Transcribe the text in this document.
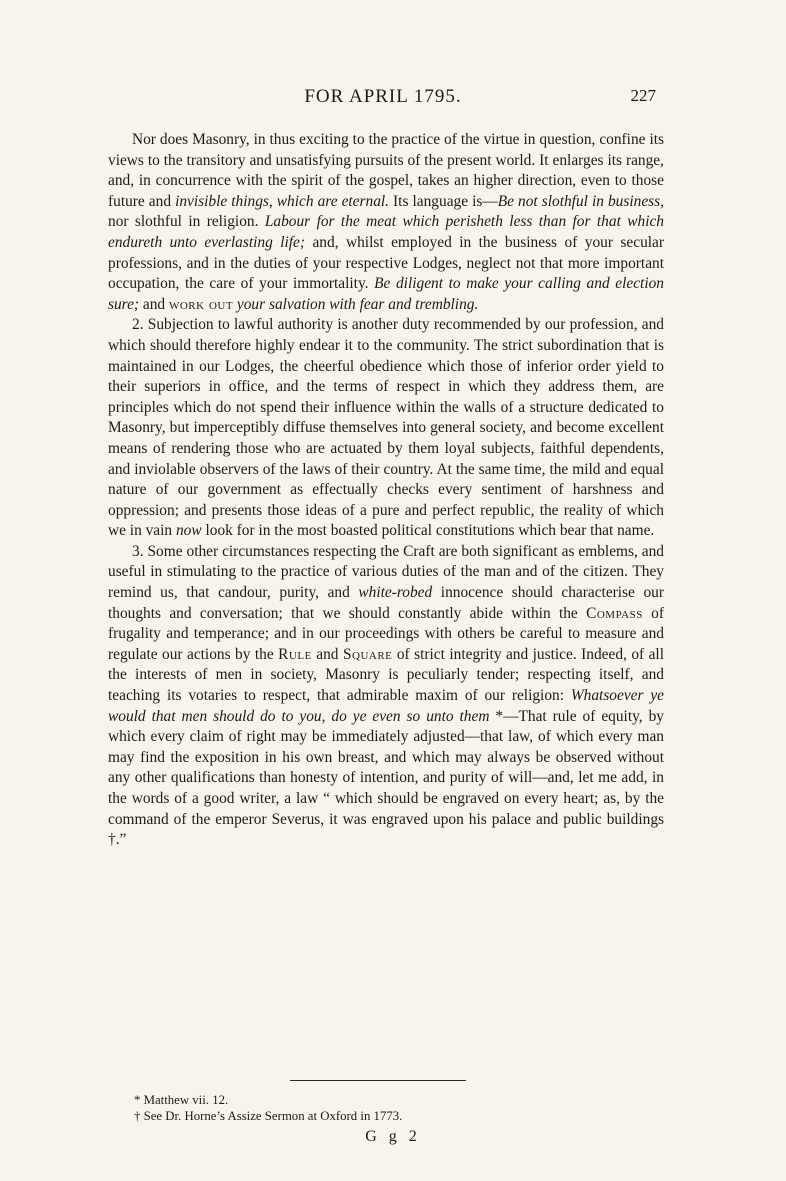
FOR APRIL 1795.	227

Nor does Masonry, in thus exciting to the practice of the virtue in question, confine its views to the transitory and unsatisfying pursuits of the present world. It enlarges its range, and, in concurrence with the spirit of the gospel, takes an higher direction, even to those future and invisible things, which are eternal. Its language is—Be not slothful in business, nor slothful in religion. Labour for the meat which perisheth less than for that which endureth unto everlasting life; and, whilst employed in the business of your secular professions, and in the duties of your respective Lodges, neglect not that more important occupation, the care of your immortality. Be diligent to make your calling and election sure; and work out your salvation with fear and trembling.

2. Subjection to lawful authority is another duty recommended by our profession, and which should therefore highly endear it to the community. The strict subordination that is maintained in our Lodges, the cheerful obedience which those of inferior order yield to their superiors in office, and the terms of respect in which they address them, are principles which do not spend their influence within the walls of a structure dedicated to Masonry, but imperceptibly diffuse themselves into general society, and become excellent means of rendering those who are actuated by them loyal subjects, faithful dependents, and inviolable observers of the laws of their country. At the same time, the mild and equal nature of our government as effectually checks every sentiment of harshness and oppression; and presents those ideas of a pure and perfect republic, the reality of which we in vain now look for in the most boasted political constitutions which bear that name.

3. Some other circumstances respecting the Craft are both significant as emblems, and useful in stimulating to the practice of various duties of the man and of the citizen. They remind us, that candour, purity, and white-robed innocence should characterise our thoughts and conversation; that we should constantly abide within the Compass of frugality and temperance; and in our proceedings with others be careful to measure and regulate our actions by the Rule and Square of strict integrity and justice. Indeed, of all the interests of men in society, Masonry is peculiarly tender; respecting itself, and teaching its votaries to respect, that admirable maxim of our religion: Whatsoever ye would that men should do to you, do ye even so unto them *—That rule of equity, by which every claim of right may be immediately adjusted—that law, of which every man may find the exposition in his own breast, and which may always be observed without any other qualifications than honesty of intention, and purity of will—and, let me add, in the words of a good writer, a law “ which should be engraved on every heart; as, by the command of the emperor Severus, it was engraved upon his palace and public buildings †.”

* Matthew vii. 12.
† See Dr. Horne’s Assize Sermon at Oxford in 1773.
G g 2
